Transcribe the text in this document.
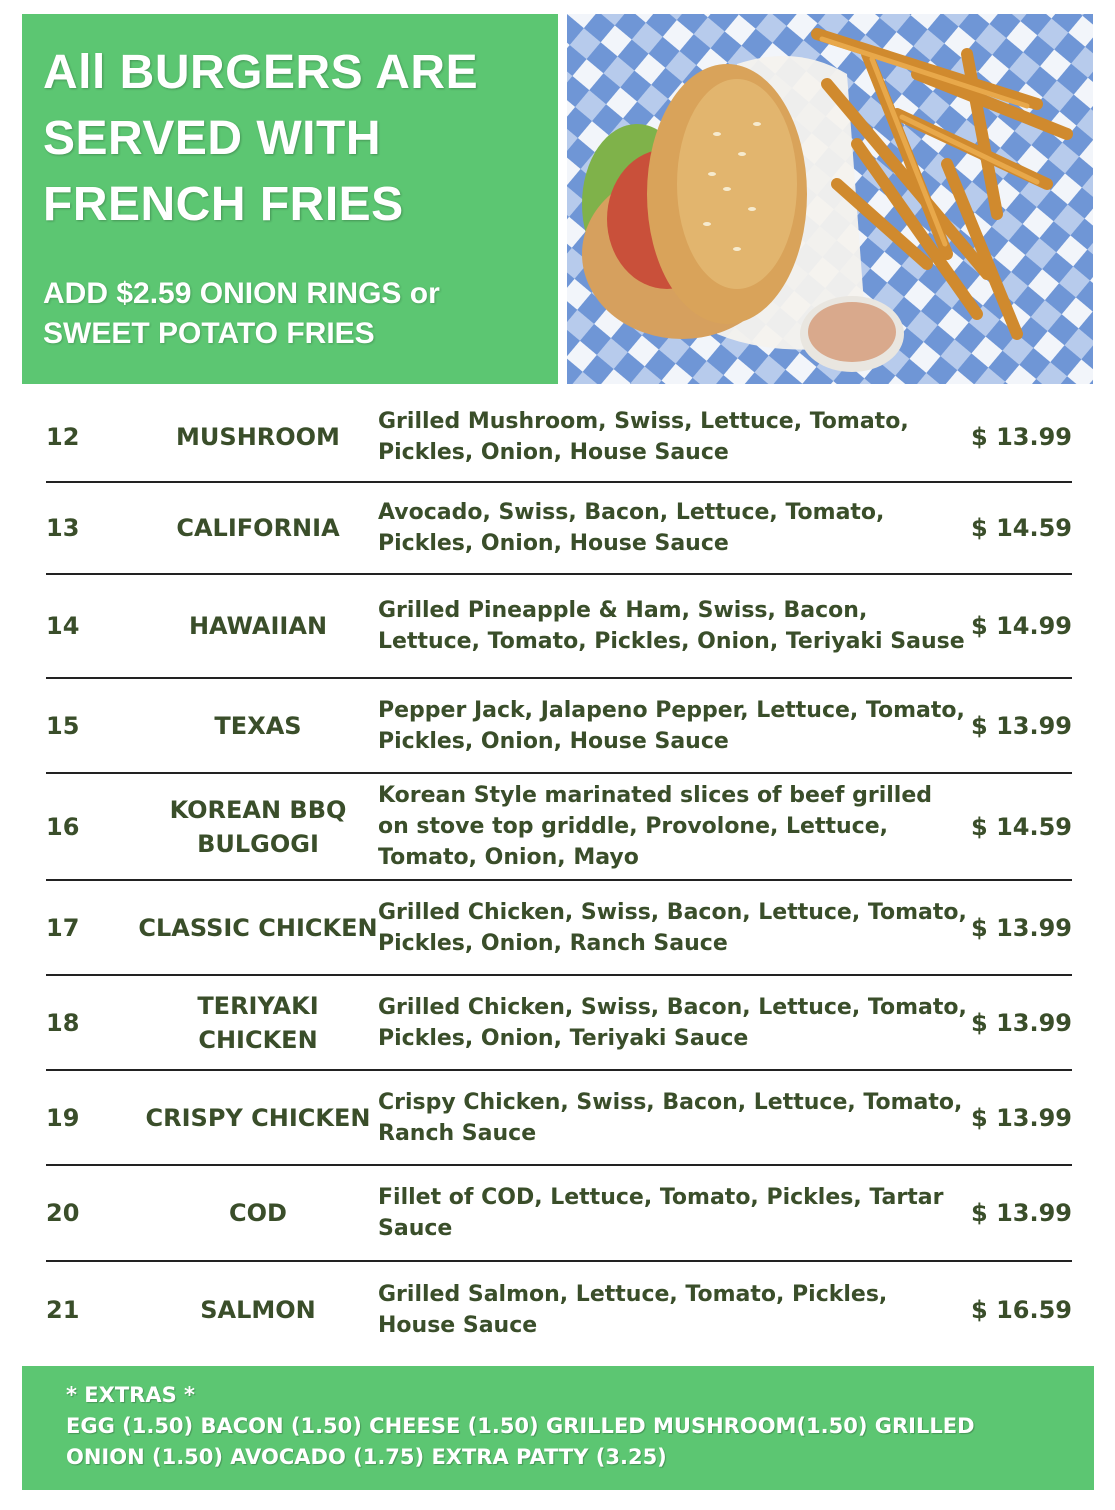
All BURGERS ARE SERVED WITH FRENCH FRIES
ADD $2.59 ONION RINGS or SWEET POTATO FRIES
12	MUSHROOM	Grilled Mushroom, Swiss, Lettuce, Tomato, Pickles, Onion, House Sauce	$ 13.99
13	CALIFORNIA	Avocado, Swiss, Bacon, Lettuce, Tomato, Pickles, Onion, House Sauce	$ 14.59
14	HAWAIIAN	Grilled Pineapple & Ham, Swiss, Bacon, Lettuce, Tomato, Pickles, Onion, Teriyaki Sause	$ 14.99
15	TEXAS	Pepper Jack, Jalapeno Pepper, Lettuce, Tomato, Pickles, Onion, House Sauce	$ 13.99
16	KOREAN BBQ BULGOGI	Korean Style marinated slices of beef grilled on stove top griddle, Provolone, Lettuce, Tomato, Onion, Mayo	$ 14.59
17	CLASSIC CHICKEN	Grilled Chicken, Swiss, Bacon, Lettuce, Tomato, Pickles, Onion, Ranch Sauce	$ 13.99
18	TERIYAKI CHICKEN	Grilled Chicken, Swiss, Bacon, Lettuce, Tomato, Pickles, Onion, Teriyaki Sauce	$ 13.99
19	CRISPY CHICKEN	Crispy Chicken, Swiss, Bacon, Lettuce, Tomato, Ranch Sauce	$ 13.99
20	COD	Fillet of COD, Lettuce, Tomato, Pickles, Tartar Sauce	$ 13.99
21	SALMON	Grilled Salmon, Lettuce, Tomato, Pickles, House Sauce	$ 16.59
* EXTRAS *
EGG (1.50) BACON (1.50) CHEESE (1.50) GRILLED MUSHROOM(1.50) GRILLED ONION (1.50) AVOCADO (1.75) EXTRA PATTY (3.25)
